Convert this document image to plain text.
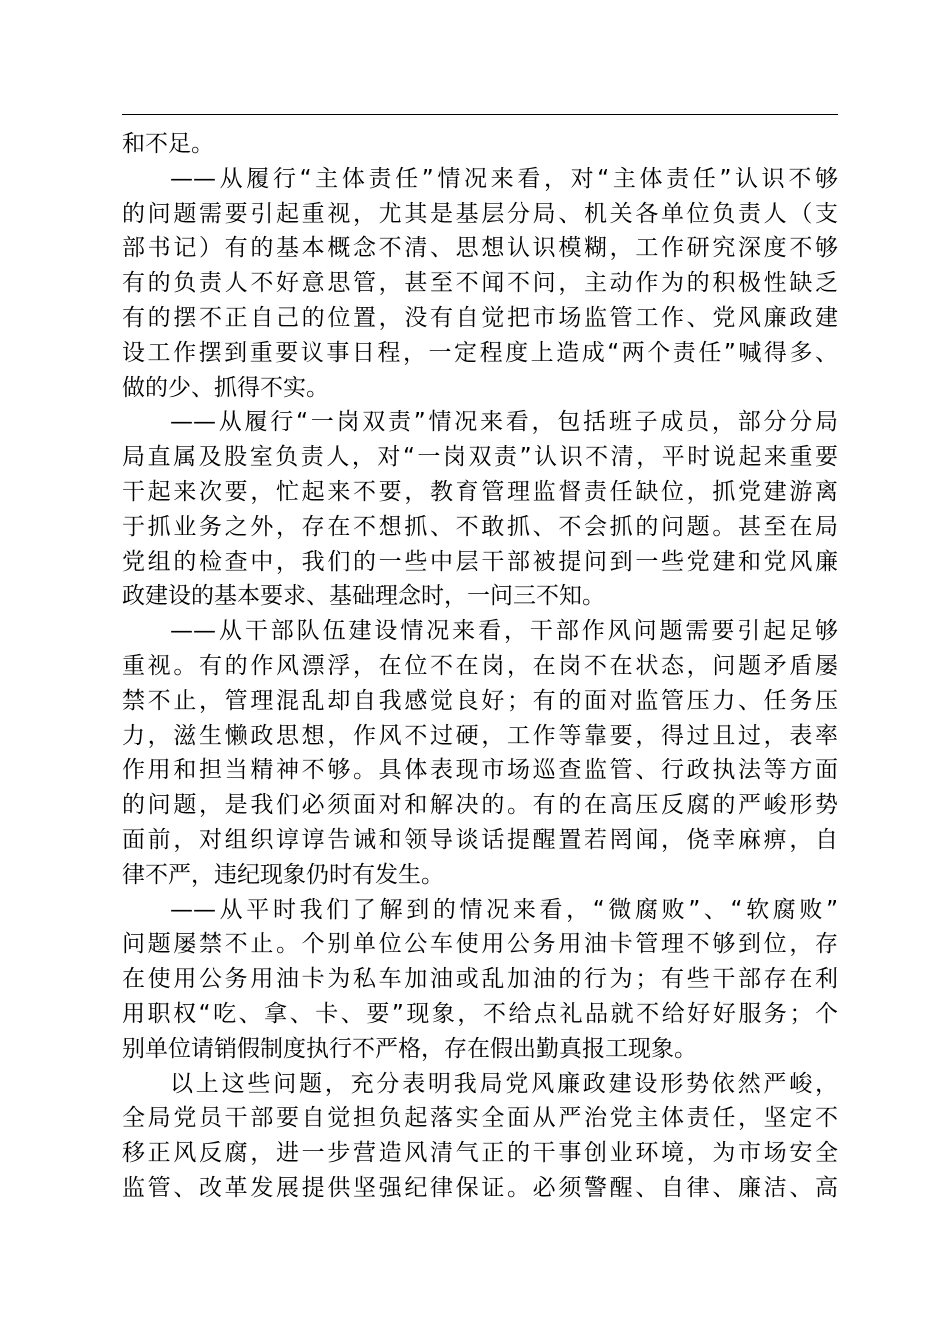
和不足。
——从履行“主体责任”情况来看，对“主体责任”认识不够
的问题需要引起重视，尤其是基层分局、机关各单位负责人（支
部书记）有的基本概念不清、思想认识模糊，工作研究深度不够
有的负责人不好意思管，甚至不闻不问，主动作为的积极性缺乏
有的摆不正自己的位置，没有自觉把市场监管工作、党风廉政建
设工作摆到重要议事日程，一定程度上造成“两个责任”喊得多、
做的少、抓得不实。
——从履行“一岗双责”情况来看，包括班子成员，部分分局
局直属及股室负责人，对“一岗双责”认识不清，平时说起来重要
干起来次要，忙起来不要，教育管理监督责任缺位，抓党建游离
于抓业务之外，存在不想抓、不敢抓、不会抓的问题。甚至在局
党组的检查中，我们的一些中层干部被提问到一些党建和党风廉
政建设的基本要求、基础理念时，一问三不知。
——从干部队伍建设情况来看，干部作风问题需要引起足够
重视。有的作风漂浮，在位不在岗，在岗不在状态，问题矛盾屡
禁不止，管理混乱却自我感觉良好；有的面对监管压力、任务压
力，滋生懒政思想，作风不过硬，工作等靠要，得过且过，表率
作用和担当精神不够。具体表现市场巡查监管、行政执法等方面
的问题，是我们必须面对和解决的。有的在高压反腐的严峻形势
面前，对组织谆谆告诫和领导谈话提醒置若罔闻，侥幸麻痹，自
律不严，违纪现象仍时有发生。
——从平时我们了解到的情况来看，“微腐败”、“软腐败”
问题屡禁不止。个别单位公车使用公务用油卡管理不够到位，存
在使用公务用油卡为私车加油或乱加油的行为；有些干部存在利
用职权“吃、拿、卡、要”现象，不给点礼品就不给好好服务；个
别单位请销假制度执行不严格，存在假出勤真报工现象。
以上这些问题，充分表明我局党风廉政建设形势依然严峻，
全局党员干部要自觉担负起落实全面从严治党主体责任，坚定不
移正风反腐，进一步营造风清气正的干事创业环境，为市场安全
监管、改革发展提供坚强纪律保证。必须警醒、自律、廉洁、高
